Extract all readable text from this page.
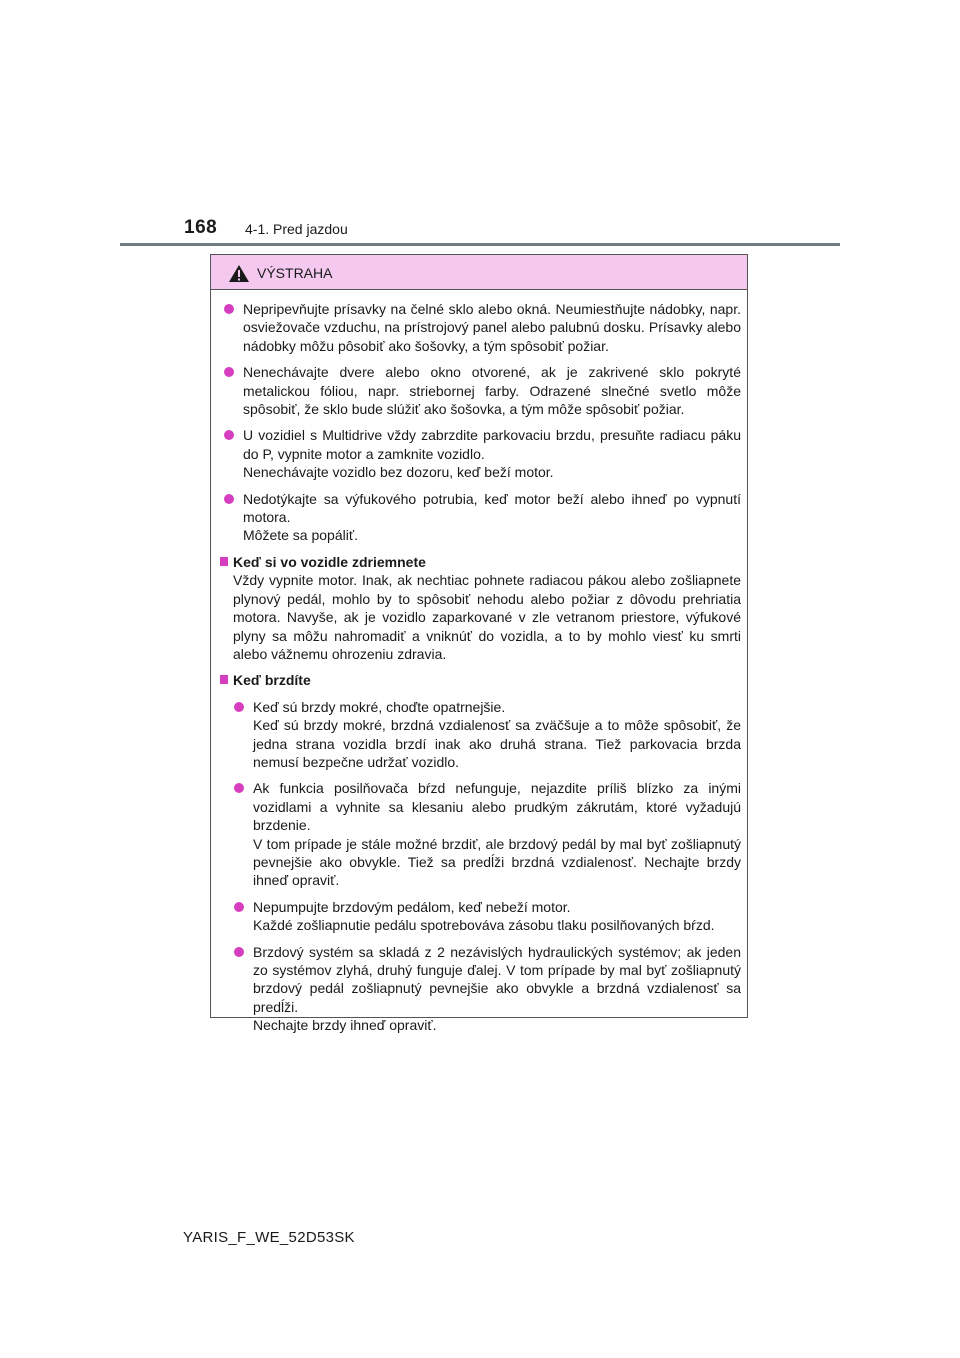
168 4-1. Pred jazdou
VÝSTRAHA

Nepripevňujte prísavky na čelné sklo alebo okná. Neumiestňujte nádobky, napr. osviežovače vzduchu, na prístrojový panel alebo palubnú dosku. Prísavky alebo nádobky môžu pôsobiť ako šošovky, a tým spôsobiť požiar.

Nenechávajte dvere alebo okno otvorené, ak je zakrivené sklo pokryté metalickou fóliou, napr. striebornej farby. Odrazené slnečné svetlo môže spôsobiť, že sklo bude slúžiť ako šošovka, a tým môže spôsobiť požiar.

U vozidiel s Multidrive vždy zabrzdite parkovaciu brzdu, presuňte radiacu páku do P, vypnite motor a zamknite vozidlo.

Nenechávajte vozidlo bez dozoru, keď beží motor.

Nedotýkajte sa výfukového potrubia, keď motor beží alebo ihneď po vypnutí motora.

Môžete sa popáliť.

Keď si vo vozidle zdriemnete

Vždy vypnite motor. Inak, ak nechtiac pohnete radiacou pákou alebo zošliapnete plynový pedál, mohlo by to spôsobiť nehodu alebo požiar z dôvodu prehriatia motora. Navyše, ak je vozidlo zaparkované v zle vetranom priestore, výfukové plyny sa môžu nahromadiť a vniknúť do vozidla, a to by mohlo viesť ku smrti alebo vážnemu ohrozeniu zdravia.

Keď brzdíte

Keď sú brzdy mokré, choďte opatrnejšie.

Keď sú brzdy mokré, brzdná vzdialenosť sa zväčšuje a to môže spôsobiť, že jedna strana vozidla brzdí inak ako druhá strana. Tiež parkovacia brzda nemusí bezpečne udržať vozidlo.

Ak funkcia posilňovača bŕzd nefunguje, nejazdite príliš blízko za inými vozidlami a vyhnite sa klesaniu alebo prudkým zákrutám, ktoré vyžadujú brzdenie.

V tom prípade je stále možné brzdiť, ale brzdový pedál by mal byť zošliapnutý pevnejšie ako obvykle. Tiež sa predĺži brzdná vzdialenosť. Nechajte brzdy ihneď opraviť.

Nepumpujte brzdovým pedálom, keď nebeží motor.

Každé zošliapnutie pedálu spotrebováva zásobu tlaku posilňovaných bŕzd.

Brzdový systém sa skladá z 2 nezávislých hydraulických systémov; ak jeden zo systémov zlyhá, druhý funguje ďalej. V tom prípade by mal byť zošliapnutý brzdový pedál zošliapnutý pevnejšie ako obvykle a brzdná vzdialenosť sa predĺži.

Nechajte brzdy ihneď opraviť.

YARIS_F_WE_52D53SK
